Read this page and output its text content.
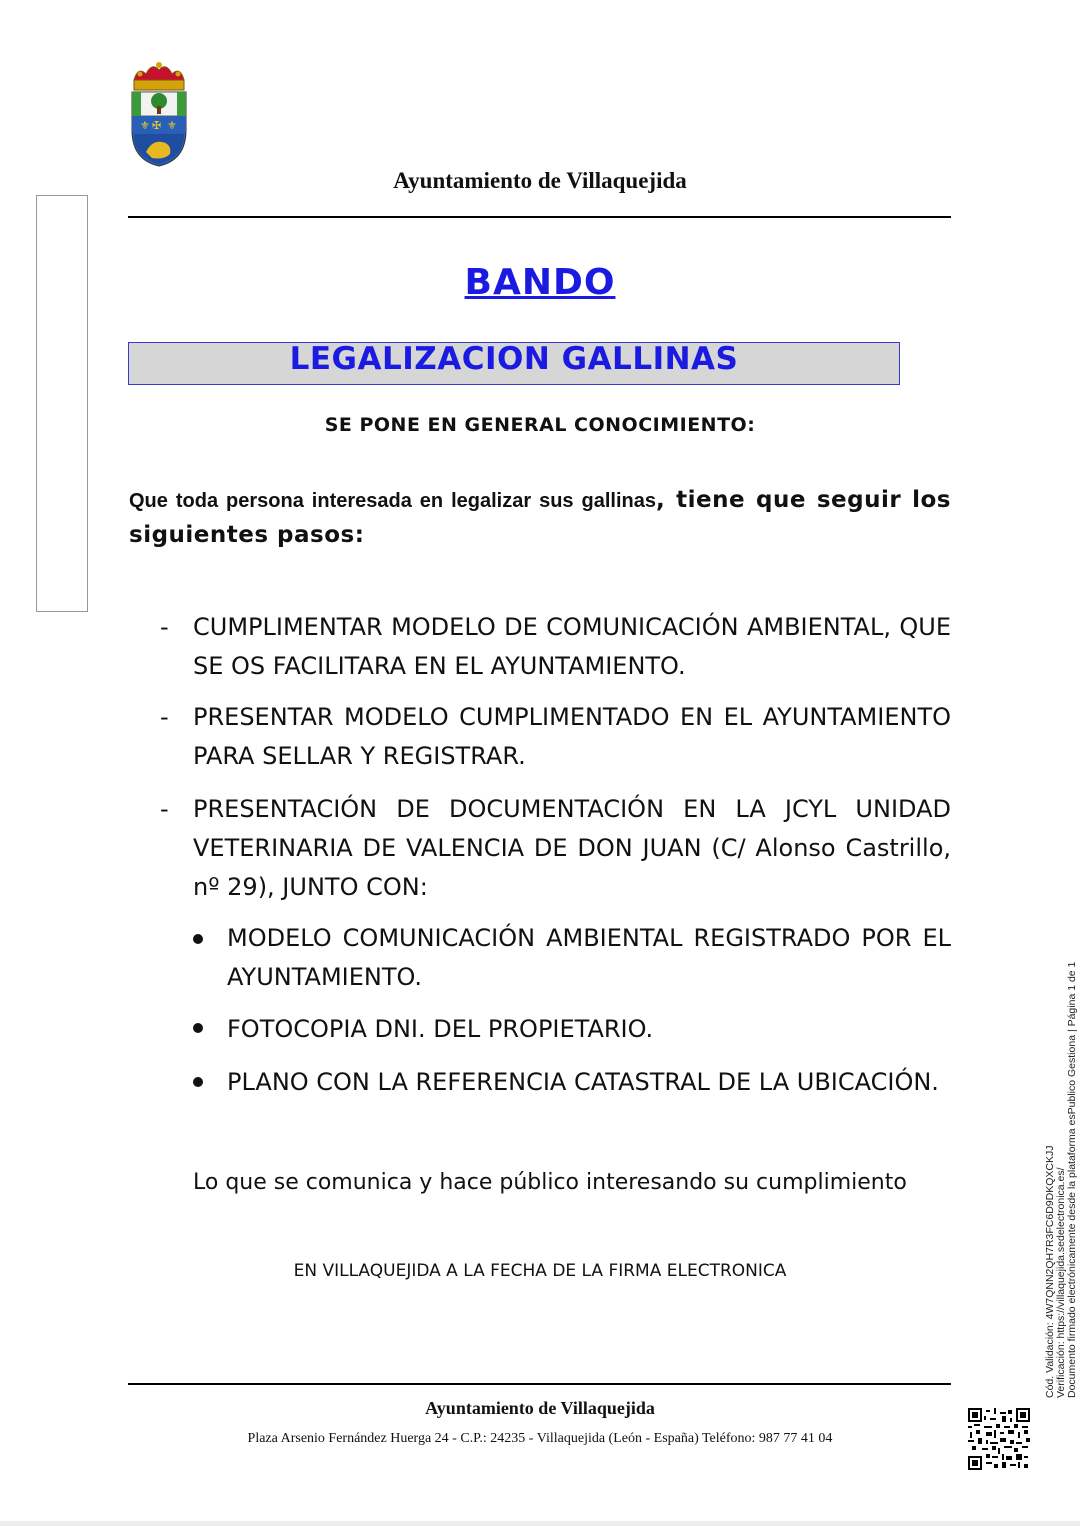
⚜ ✠ ⚜
Ayuntamiento de Villaquejida
BANDO
LEGALIZACION GALLINAS
SE PONE EN GENERAL CONOCIMIENTO:
Que toda persona interesada en legalizar sus gallinas, tiene que seguir los siguientes pasos:
- CUMPLIMENTAR MODELO DE COMUNICACIÓN AMBIENTAL, QUE SE OS FACILITARA EN EL AYUNTAMIENTO.
- PRESENTAR MODELO CUMPLIMENTADO EN EL AYUNTAMIENTO PARA SELLAR Y REGISTRAR.
- PRESENTACIÓN DE DOCUMENTACIÓN EN LA JCYL UNIDAD VETERINARIA DE VALENCIA DE DON JUAN (C/ Alonso Castrillo, nº 29), JUNTO CON:
MODELO COMUNICACIÓN AMBIENTAL REGISTRADO POR EL AYUNTAMIENTO.
FOTOCOPIA DNI. DEL PROPIETARIO.
PLANO CON LA REFERENCIA CATASTRAL DE LA UBICACIÓN.
Lo que se comunica y hace público interesando su cumplimiento
EN VILLAQUEJIDA A LA FECHA DE LA FIRMA ELECTRONICA
Ayuntamiento de Villaquejida
Plaza Arsenio Fernández Huerga 24 - C.P.: 24235 - Villaquejida (León - España) Teléfono: 987 77 41 04
Cód. Validación: 4W7QNN2QH7R3FC6D9DKQXCKJJ Verificación: https://villaquejida.sedelectronica.es/ Documento firmado electrónicamente desde la plataforma esPublico Gestiona | Página 1 de 1
